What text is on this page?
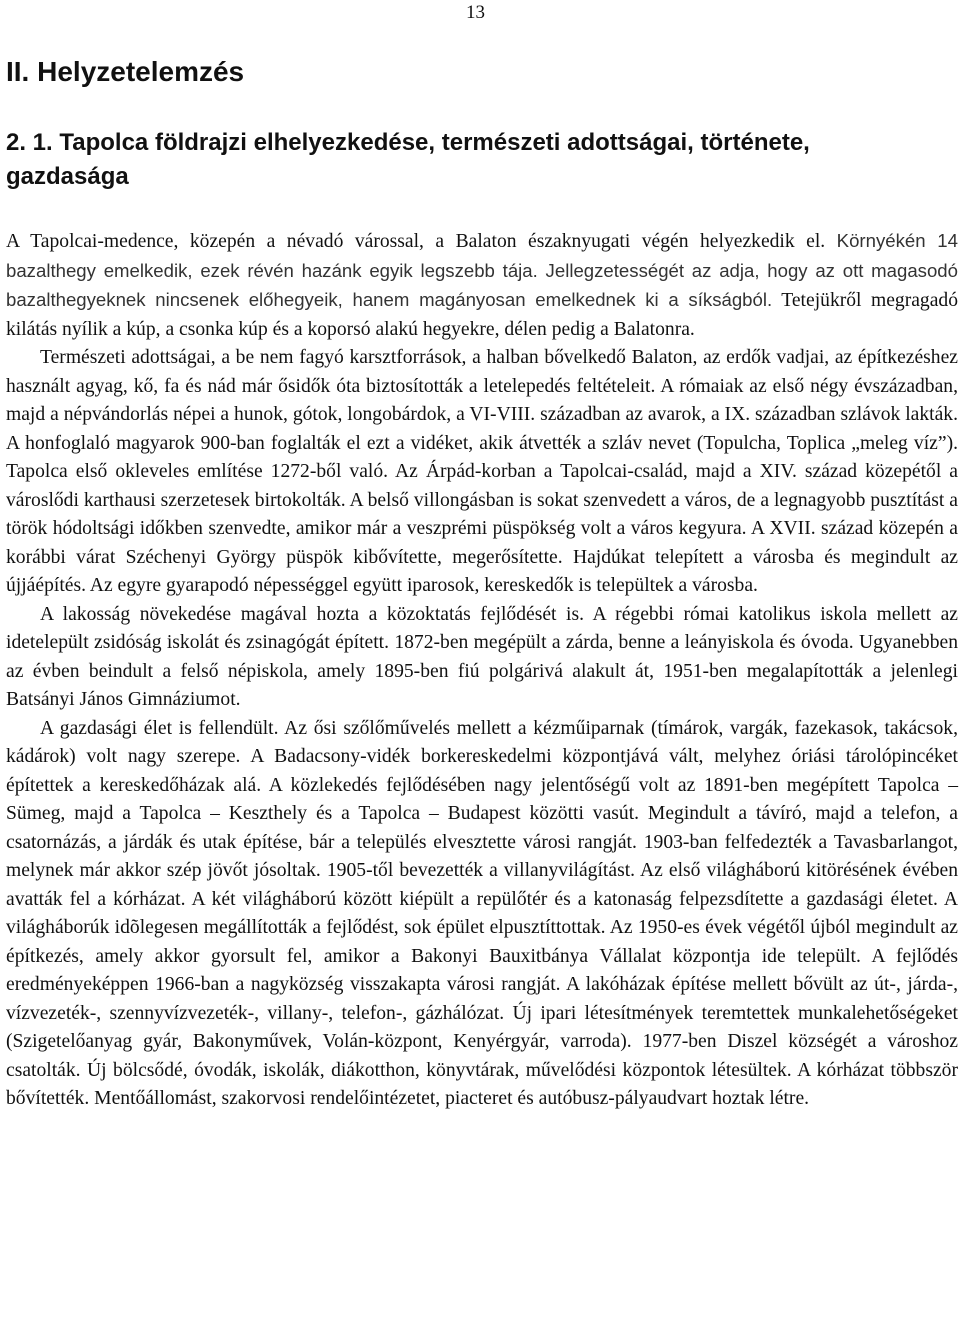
13
II. Helyzetelemzés
2. 1. Tapolca földrajzi elhelyezkedése, természeti adottságai, története, gazdasága

A Tapolcai-medence, közepén a névadó várossal, a Balaton északnyugati végén helyezkedik el. Környékén 14 bazalthegy emelkedik, ezek révén hazánk egyik legszebb tája. Jellegzetességét az adja, hogy az ott magasodó bazalthegyeknek nincsenek előhegyeik, hanem magányosan emelkednek ki a síkságból. Tetejükről megragadó kilátás nyílik a kúp, a csonka kúp és a koporsó alakú hegyekre, délen pedig a Balatonra.

Természeti adottságai, a be nem fagyó karsztforrások, a halban bővelkedő Balaton, az erdők vadjai, az építkezéshez használt agyag, kő, fa és nád már ősidők óta biztosították a letelepedés feltételeit. A rómaiak az első négy évszázadban, majd a népvándorlás népei a hunok, gótok, longobárdok, a VI-VIII. században az avarok, a IX. században szlávok lakták. A honfoglaló magyarok 900-ban foglalták el ezt a vidéket, akik átvették a szláv nevet (Topulcha, Toplica „meleg víz”). Tapolca első okleveles említése 1272-ből való. Az Árpád-korban a Tapolcai-család, majd a XIV. század közepétől a városlődi karthausi szerzetesek birtokolták. A belső villongásban is sokat szenvedett a város, de a legnagyobb pusztítást a török hódoltsági időkben szenvedte, amikor már a veszprémi püspökség volt a város kegyura. A XVII. század közepén a korábbi várat Széchenyi György püspök kibővítette, megerősítette. Hajdúkat telepített a városba és megindult az újjáépítés. Az egyre gyarapodó népességgel együtt iparosok, kereskedők is települtek a városba.

A lakosság növekedése magával hozta a közoktatás fejlődését is. A régebbi római katolikus iskola mellett az idetelepült zsidóság iskolát és zsinagógát épített. 1872-ben megépült a zárda, benne a leányiskola és óvoda. Ugyanebben az évben beindult a felső népiskola, amely 1895-ben fiú polgárivá alakult át, 1951-ben megalapították a jelenlegi Batsányi János Gimnáziumot.

A gazdasági élet is fellendült. Az ősi szőlőművelés mellett a kézműiparnak (tímárok, vargák, fazekasok, takácsok, kádárok) volt nagy szerepe. A Badacsony-vidék borkereskedelmi központjává vált, melyhez óriási tárolópincéket építettek a kereskedőházak alá. A közlekedés fejlődésében nagy jelentőségű volt az 1891-ben megépített Tapolca – Sümeg, majd a Tapolca – Keszthely és a Tapolca – Budapest közötti vasút. Megindult a távíró, majd a telefon, a csatornázás, a járdák és utak építése, bár a település elvesztette városi rangját. 1903-ban felfedezték a Tavasbarlangot, melynek már akkor szép jövőt jósoltak. 1905-től bevezették a villanyvilágítást. Az első világháború kitörésének évében avatták fel a kórházat. A két világháború között kiépült a repülőtér és a katonaság felpezsdítette a gazdasági életet. A világháborúk idõlegesen megállították a fejlődést, sok épület elpusztíttottak. Az 1950-es évek végétől újból megindult az építkezés, amely akkor gyorsult fel, amikor a Bakonyi Bauxitbánya Vállalat központja ide települt. A fejlődés eredményeképpen 1966-ban a nagyközség visszakapta városi rangját. A lakóházak építése mellett bővült az út-, járda-, vízvezeték-, szennyvízvezeték-, villany-, telefon-, gázhálózat. Új ipari létesítmények teremtettek munkalehetőségeket (Szigetelőanyag gyár, Bakonyművek, Volán-központ, Kenyérgyár, varroda). 1977-ben Diszel községét a városhoz csatolták. Új bölcsődé, óvodák, iskolák, diákotthon, könyvtárak, művelődési központok létesültek. A kórházat többször bővítették. Mentőállomást, szakorvosi rendelőintézetet, piacteret és autóbusz-pályaudvart hoztak létre.
